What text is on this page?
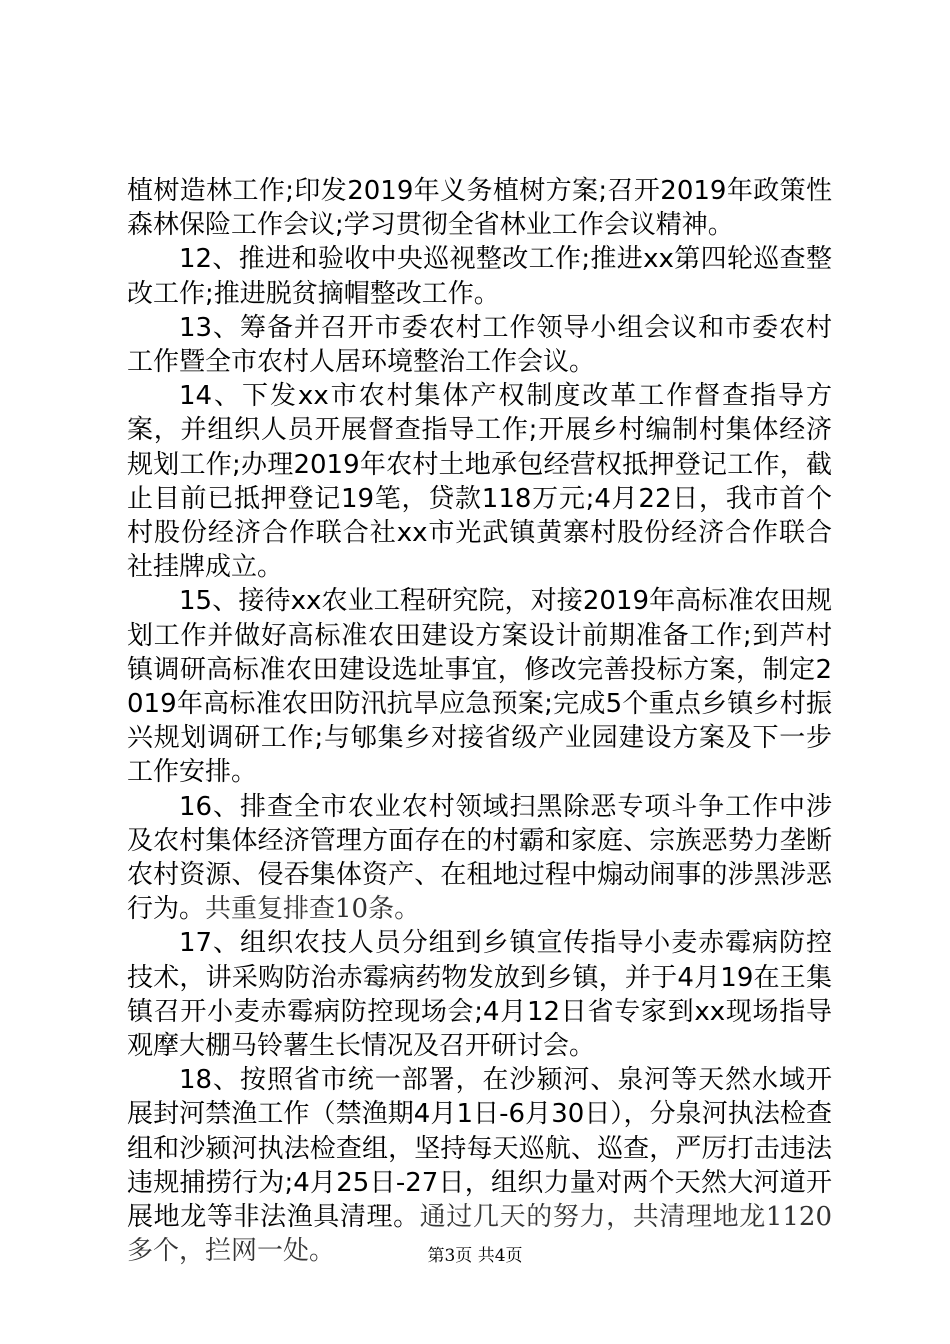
植树造林工作;印发2019年义务植树方案;召开2019年政策性森林保险工作会议;学习贯彻全省林业工作会议精神。

12、推进和验收中央巡视整改工作;推进xx第四轮巡查整改工作;推进脱贫摘帽整改工作。

13、筹备并召开市委农村工作领导小组会议和市委农村工作暨全市农村人居环境整治工作会议。

14、下发xx市农村集体产权制度改革工作督查指导方案，并组织人员开展督查指导工作;开展乡村编制村集体经济规划工作;办理2019年农村土地承包经营权抵押登记工作，截止目前已抵押登记19笔，贷款118万元;4月22日，我市首个村股份经济合作联合社xx市光武镇黄寨村股份经济合作联合社挂牌成立。

15、接待xx农业工程研究院，对接2019年高标准农田规划工作并做好高标准农田建设方案设计前期准备工作;到芦村镇调研高标准农田建设选址事宜，修改完善投标方案，制定2019年高标准农田防汛抗旱应急预案;完成5个重点乡镇乡村振兴规划调研工作;与郇集乡对接省级产业园建设方案及下一步工作安排。

16、排查全市农业农村领域扫黑除恶专项斗争工作中涉及农村集体经济管理方面存在的村霸和家庭、宗族恶势力垄断农村资源、侵吞集体资产、在租地过程中煽动闹事的涉黑涉恶行为。共重复排查10条。

17、组织农技人员分组到乡镇宣传指导小麦赤霉病防控技术，讲采购防治赤霉病药物发放到乡镇，并于4月19在王集镇召开小麦赤霉病防控现场会;4月12日省专家到xx现场指导观摩大棚马铃薯生长情况及召开研讨会。

18、按照省市统一部署，在沙颍河、泉河等天然水域开展封河禁渔工作（禁渔期4月1日-6月30日），分泉河执法检查组和沙颍河执法检查组，坚持每天巡航、巡查，严厉打击违法违规捕捞行为;4月25日-27日，组织力量对两个天然大河道开展地龙等非法渔具清理。通过几天的努力，共清理地龙1120多个，拦网一处。	第3页 共4页
